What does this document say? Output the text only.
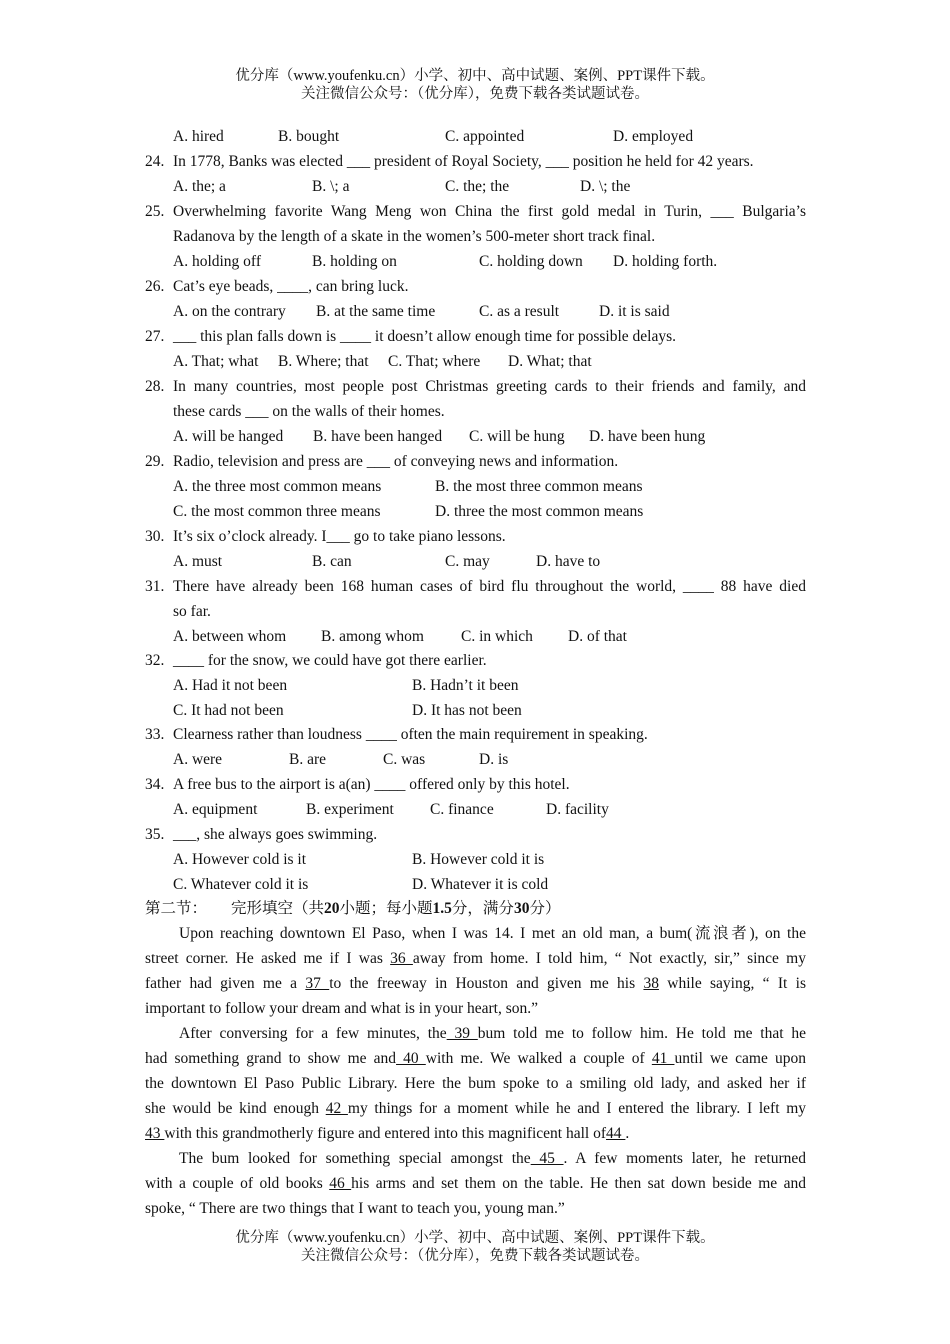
优分库（www.youfenku.cn）小学、初中、高中试题、案例、PPT课件下载。
关注微信公众号：（优分库），免费下载各类试题试卷。
A. hired	B. bought	C. appointed	D. employed
24. In 1778, Banks was elected ___ president of Royal Society, ___ position he held for 42 years.
A. the; a	B. \; a	C. the; the	D. \; the
25. Overwhelming favorite Wang Meng won China the first gold medal in Turin, ___ Bulgaria’s
Radanova by the length of a skate in the women’s 500-meter short track final.
A. holding off	B. holding on	C. holding down D. holding forth.
26. Cat’s eye beads, ____, can bring luck.
A. on the contrary B. at the same time	C. as a result	D. it is said
27. ___ this plan falls down is ____ it doesn’t allow enough time for possible delays.
A. That; what B. Where; that C. That; where D. What; that
28. In many countries, most people post Christmas greeting cards to their friends and family, and
these cards ___ on the walls of their homes.
A. will be hanged B. have been hanged C. will be hung D. have been hung
29. Radio, television and press are ___ of conveying news and information.
A. the three most common means	B. the most three common means
C. the most common three means	D. three the most common means
30. It’s six o’clock already. I___ go to take piano lessons.
A. must	B. can	C. may	D. have to
31. There have already been 168 human cases of bird flu throughout the world, ____ 88 have died
so far.
A. between whom B. among whom C. in which D. of that
32. ____ for the snow, we could have got there earlier.
A. Had it not been	B. Hadn’t it been
C. It had not been	D. It has not been
33. Clearness rather than loudness ____ often the main requirement in speaking.
A. were	B. are	C. was	D. is
34. A free bus to the airport is a(an) ____ offered only by this hotel.
A. equipment	B. experiment C. finance	D. facility
35. ___, she always goes swimming.
A. However cold is it	B. However cold it is
C. Whatever cold it is	D. Whatever it is cold
第二节： 完形填空（共20小题；每小题1.5分，满分30分）
Upon reaching downtown El Paso, when I was 14. I met an old man, a bum(流浪者), on the
street corner. He asked me if I was 36 away from home. I told him, “ Not exactly, sir,” since my
father had given me a 37 to the freeway in Houston and given me his 38 while saying, “ It is
important to follow your dream and what is in your heart, son.”
After conversing for a few minutes, the 39 bum told me to follow him. He told me that he
had something grand to show me and 40 with me. We walked a couple of 41 until we came upon
the downtown El Paso Public Library. Here the bum spoke to a smiling old lady, and asked her if
she would be kind enough 42 my things for a moment while he and I entered the library. I left my
43 with this grandmotherly figure and entered into this magnificent hall of44 .
The bum looked for something special amongst the 45 . A few moments later, he returned
with a couple of old books 46 his arms and set them on the table. He then sat down beside me and
spoke, “ There are two things that I want to teach you, young man.”
优分库（www.youfenku.cn）小学、初中、高中试题、案例、PPT课件下载。
关注微信公众号：（优分库），免费下载各类试题试卷。
